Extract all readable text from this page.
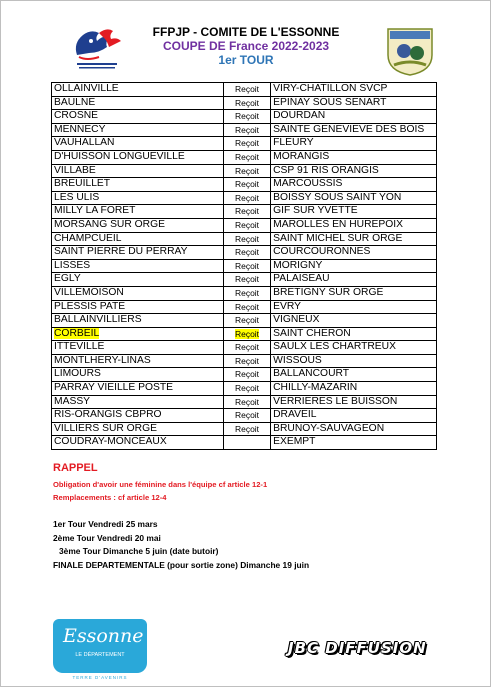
FFPJP - COMITE DE L'ESSONNE
COUPE DE France 2022-2023
1er TOUR
OLLAINVILLE	Reçoit	VIRY-CHATILLON SVCP
BAULNE	Reçoit	EPINAY SOUS SENART
CROSNE	Reçoit	DOURDAN
MENNECY	Reçoit	SAINTE GENEVIEVE DES BOIS
VAUHALLAN	Reçoit	FLEURY
D'HUISSON LONGUEVILLE	Reçoit	MORANGIS
VILLABE	Reçoit	CSP 91 RIS ORANGIS
BREUILLET	Reçoit	MARCOUSSIS
LES ULIS	Reçoit	BOISSY SOUS SAINT YON
MILLY LA FORET	Reçoit	GIF SUR YVETTE
MORSANG SUR ORGE	Reçoit	MAROLLES EN HUREPOIX
CHAMPCUEIL	Reçoit	SAINT MICHEL SUR ORGE
SAINT PIERRE DU PERRAY	Reçoit	COURCOURONNES
LISSES	Reçoit	MORIGNY
EGLY	Reçoit	PALAISEAU
VILLEMOISON	Reçoit	BRETIGNY SUR ORGE
PLESSIS PATE	Reçoit	EVRY
BALLAINVILLIERS	Reçoit	VIGNEUX
CORBEIL	Reçoit	SAINT CHERON
ITTEVILLE	Reçoit	SAULX LES CHARTREUX
MONTLHERY-LINAS	Reçoit	WISSOUS
LIMOURS	Reçoit	BALLANCOURT
PARRAY VIEILLE POSTE	Reçoit	CHILLY-MAZARIN
MASSY	Reçoit	VERRIERES LE BUISSON
RIS-ORANGIS CBPRO	Reçoit	DRAVEIL
VILLIERS SUR ORGE	Reçoit	BRUNOY-SAUVAGEON
COUDRAY-MONCEAUX		EXEMPT
RAPPEL
Obligation d'avoir une féminine dans l'équipe cf article 12-1
Remplacements : cf article 12-4
1er Tour Vendredi 25 mars
2ème Tour Vendredi 20 mai
3ème Tour Dimanche 5 juin (date butoir)
FINALE DEPARTEMENTALE (pour sortie zone) Dimanche 19 juin
Essonne
LE DÉPARTEMENT
TERRE D'AVENIRS
JBC DIFFUSION
